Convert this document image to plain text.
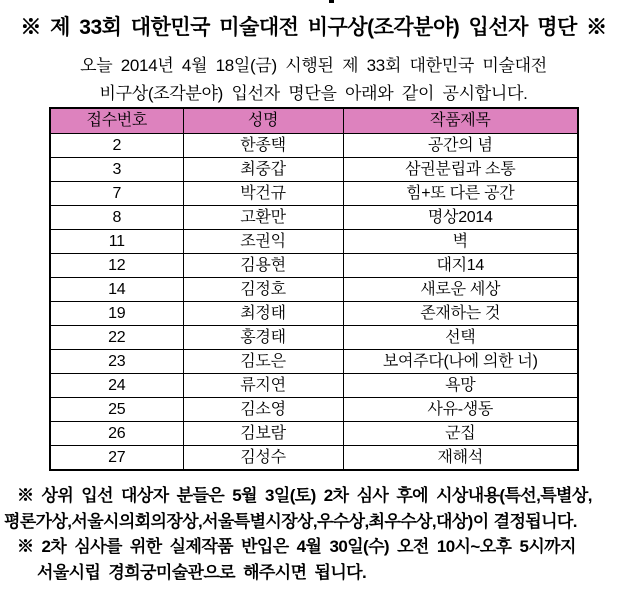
※ 제 33회 대한민국 미술대전 비구상(조각분야) 입선자 명단 ※

오늘 2014년 4월 18일(금) 시행된 제 33회 대한민국 미술대전

비구상(조각분야) 입선자 명단을 아래와 같이 공시합니다.

접수번호	성명	작품제목
2	한종택	공간의 념
3	최중갑	삼권분립과 소통
7	박건규	힘+또 다른 공간
8	고환만	명상2014
11	조권익	벽
12	김용현	대지14
14	김정호	새로운 세상
19	최정태	존재하는 것
22	홍경태	선택
23	김도은	보여주다(나에 의한 너)
24	류지연	욕망
25	김소영	사유-생동
26	김보람	군집
27	김성수	재해석

※ 상위 입선 대상자 분들은 5월 3일(토) 2차 심사 후에 시상내용(특선,특별상,

평론가상,서울시의회의장상,서울특별시장상,우수상,최우수상,대상)이 결정됩니다.

※ 2차 심사를 위한 실제작품 반입은 4월 30일(수) 오전 10시~오후 5시까지

서울시립 경희궁미술관으로 해주시면 됩니다.
